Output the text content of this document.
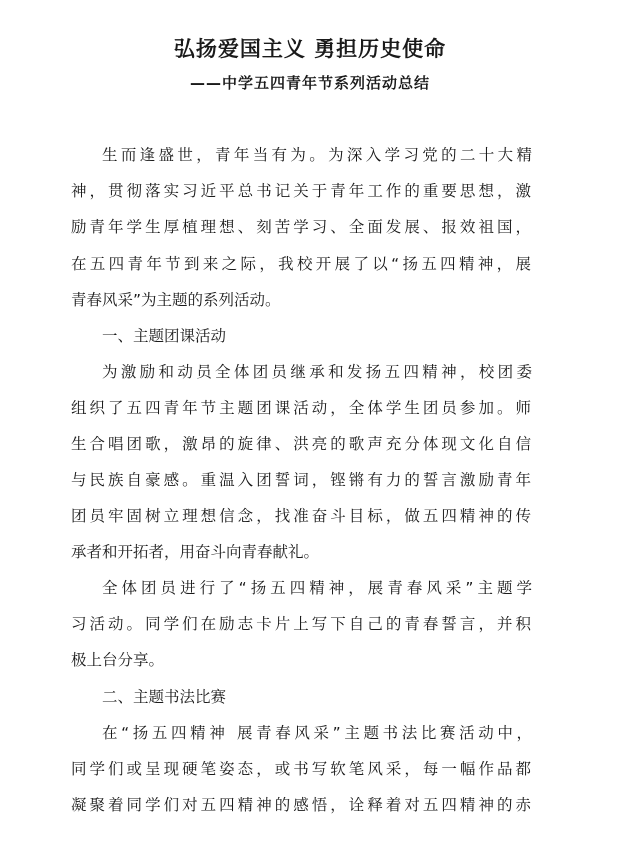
弘扬爱国主义 勇担历史使命
——中学五四青年节系列活动总结
生而逢盛世，青年当有为。为深入学习党的二十大精
神，贯彻落实习近平总书记关于青年工作的重要思想，激
励青年学生厚植理想、刻苦学习、全面发展、报效祖国，
在五四青年节到来之际，我校开展了以“扬五四精神，展
青春风采”为主题的系列活动。
一、主题团课活动
为激励和动员全体团员继承和发扬五四精神，校团委
组织了五四青年节主题团课活动，全体学生团员参加。师
生合唱团歌，激昂的旋律、洪亮的歌声充分体现文化自信
与民族自豪感。重温入团誓词，铿锵有力的誓言激励青年
团员牢固树立理想信念，找准奋斗目标，做五四精神的传
承者和开拓者，用奋斗向青春献礼。
全体团员进行了“扬五四精神，展青春风采”主题学
习活动。同学们在励志卡片上写下自己的青春誓言，并积
极上台分享。
二、主题书法比赛
在“扬五四精神 展青春风采”主题书法比赛活动中，
同学们或呈现硬笔姿态，或书写软笔风采，每一幅作品都
凝聚着同学们对五四精神的感悟，诠释着对五四精神的赤
